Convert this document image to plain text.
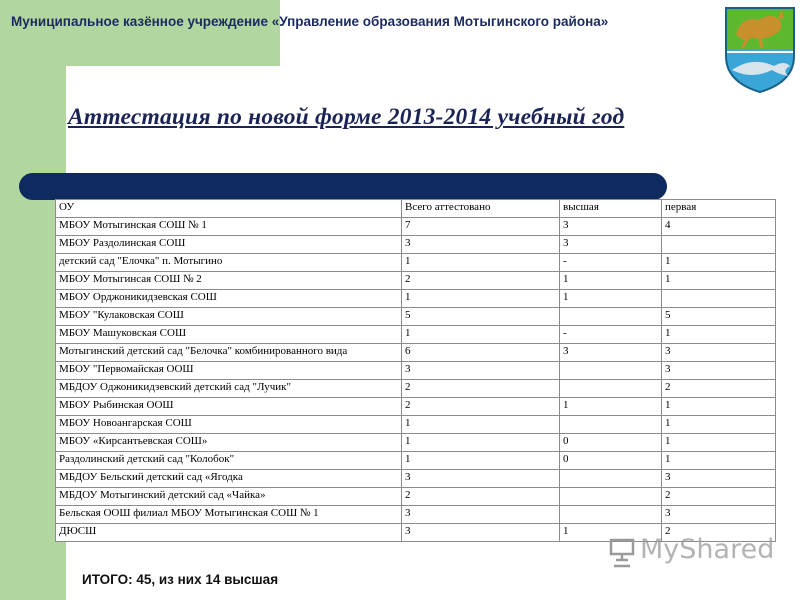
Муниципальное казённое учреждение «Управление образования Мотыгинского района»
Аттестация по новой форме 2013-2014 учебный год
ОУ	Всего аттестовано	высшая	первая
МБОУ Мотыгинская СОШ № 1	7	3	4
МБОУ Раздолинская СОШ	3	3	
детский сад "Елочка" п. Мотыгино	1	-	1
МБОУ Мотыгинсая СОШ № 2	2	1	1
МБОУ Орджоникидзевская СОШ	1	1	
МБОУ "Кулаковская СОШ	5		5
МБОУ Машуковская СОШ	1	-	1
Мотыгинский детский сад "Белочка" комбинированного вида	6	3	3
МБОУ "Первомайская ООШ	3		3
МБДОУ Оджоникидзевский детский сад "Лучик"	2		2
МБОУ Рыбинская ООШ	2	1	1
МБОУ Новоангарская СОШ	1		1
МБОУ «Кирсантьевская СОШ»	1	0	1
Раздолинский детский сад "Колобок"	1	0	1
МБДОУ Бельский детский сад «Ягодка	3		3
МБДОУ Мотыгинский детский сад «Чайка»	2		2
Бельская ООШ филиал МБОУ Мотыгинская СОШ № 1	3		3
ДЮСШ	3	1	2
ИТОГО: 45, из них 14 высшая
MyShared
